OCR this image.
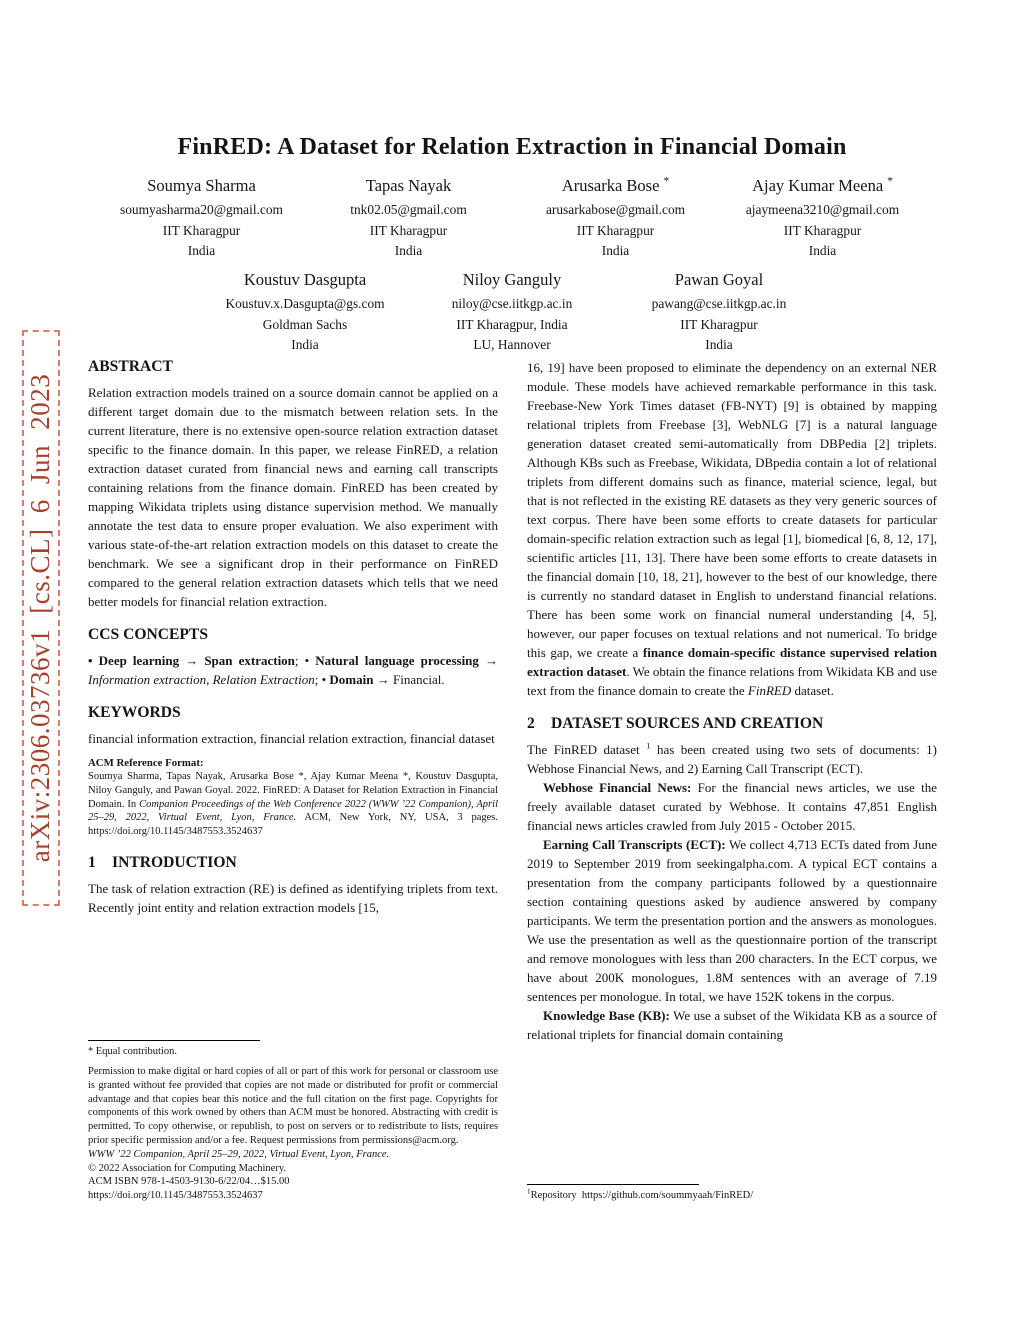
arXiv:2306.03736v1 [cs.CL] 6 Jun 2023
FinRED: A Dataset for Relation Extraction in Financial Domain
Soumya Sharma
soumyasharma20@gmail.com
IIT Kharagpur
India
Tapas Nayak
tnk02.05@gmail.com
IIT Kharagpur
India
Arusarka Bose *
arusarkabose@gmail.com
IIT Kharagpur
India
Ajay Kumar Meena *
ajaymeena3210@gmail.com
IIT Kharagpur
India
Koustuv Dasgupta
Koustuv.x.Dasgupta@gs.com
Goldman Sachs
India
Niloy Ganguly
niloy@cse.iitkgp.ac.in
IIT Kharagpur, India
LU, Hannover
Pawan Goyal
pawang@cse.iitkgp.ac.in
IIT Kharagpur
India
ABSTRACT

Relation extraction models trained on a source domain cannot be applied on a different target domain due to the mismatch between relation sets. In the current literature, there is no extensive open-source relation extraction dataset specific to the finance domain. In this paper, we release FinRED, a relation extraction dataset curated from financial news and earning call transcripts containing relations from the finance domain. FinRED has been created by mapping Wikidata triplets using distance supervision method. We manually annotate the test data to ensure proper evaluation. We also experiment with various state-of-the-art relation extraction models on this dataset to create the benchmark. We see a significant drop in their performance on FinRED compared to the general relation extraction datasets which tells that we need better models for financial relation extraction.

CCS CONCEPTS

• Deep learning → Span extraction; • Natural language processing → Information extraction, Relation Extraction; • Domain → Financial.

KEYWORDS

financial information extraction, financial relation extraction, financial dataset

ACM Reference Format:

Soumya Sharma, Tapas Nayak, Arusarka Bose *, Ajay Kumar Meena *, Koustuv Dasgupta, Niloy Ganguly, and Pawan Goyal. 2022. FinRED: A Dataset for Relation Extraction in Financial Domain. In Companion Proceedings of the Web Conference 2022 (WWW ’22 Companion), April 25–29, 2022, Virtual Event, Lyon, France. ACM, New York, NY, USA, 3 pages. https://doi.org/10.1145/3487553.3524637

1 INTRODUCTION

The task of relation extraction (RE) is defined as identifying triplets from text. Recently joint entity and relation extraction models [15,

* Equal contribution.

Permission to make digital or hard copies of all or part of this work for personal or classroom use is granted without fee provided that copies are not made or distributed for profit or commercial advantage and that copies bear this notice and the full citation on the first page. Copyrights for components of this work owned by others than ACM must be honored. Abstracting with credit is permitted. To copy otherwise, or republish, to post on servers or to redistribute to lists, requires prior specific permission and/or a fee. Request permissions from permissions@acm.org.

WWW ’22 Companion, April 25–29, 2022, Virtual Event, Lyon, France.

© 2022 Association for Computing Machinery.

ACM ISBN 978-1-4503-9130-6/22/04…$15.00

https://doi.org/10.1145/3487553.3524637

16, 19] have been proposed to eliminate the dependency on an external NER module. These models have achieved remarkable performance in this task. Freebase-New York Times dataset (FB-NYT) [9] is obtained by mapping relational triplets from Freebase [3], WebNLG [7] is a natural language generation dataset created semi-automatically from DBPedia [2] triplets. Although KBs such as Freebase, Wikidata, DBpedia contain a lot of relational triplets from different domains such as finance, material science, legal, but that is not reflected in the existing RE datasets as they very generic sources of text corpus. There have been some efforts to create datasets for particular domain-specific relation extraction such as legal [1], biomedical [6, 8, 12, 17], scientific articles [11, 13]. There have been some efforts to create datasets in the financial domain [10, 18, 21], however to the best of our knowledge, there is currently no standard dataset in English to understand financial relations. There has been some work on financial numeral understanding [4, 5], however, our paper focuses on textual relations and not numerical. To bridge this gap, we create a finance domain-specific distance supervised relation extraction dataset. We obtain the finance relations from Wikidata KB and use text from the finance domain to create the FinRED dataset.

2 DATASET SOURCES AND CREATION

The FinRED dataset $^1$ has been created using two sets of documents: 1) Webhose Financial News, and 2) Earning Call Transcript (ECT).

Webhose Financial News: For the financial news articles, we use the freely available dataset curated by Webhose. It contains 47,851 English financial news articles crawled from July 2015 - October 2015.

Earning Call Transcripts (ECT): We collect 4,713 ECTs dated from June 2019 to September 2019 from seekingalpha.com. A typical ECT contains a presentation from the company participants followed by a questionnaire section containing questions asked by audience answered by company participants. We term the presentation portion and the answers as monologues. We use the presentation as well as the questionnaire portion of the transcript and remove monologues with less than 200 characters. In the ECT corpus, we have about 200K monologues, 1.8M sentences with an average of 7.19 sentences per monologue. In total, we have 152K tokens in the corpus.

Knowledge Base (KB): We use a subset of the Wikidata KB as a source of relational triplets for financial domain containing

$^1$Repository https://github.com/soummyaah/FinRED/
